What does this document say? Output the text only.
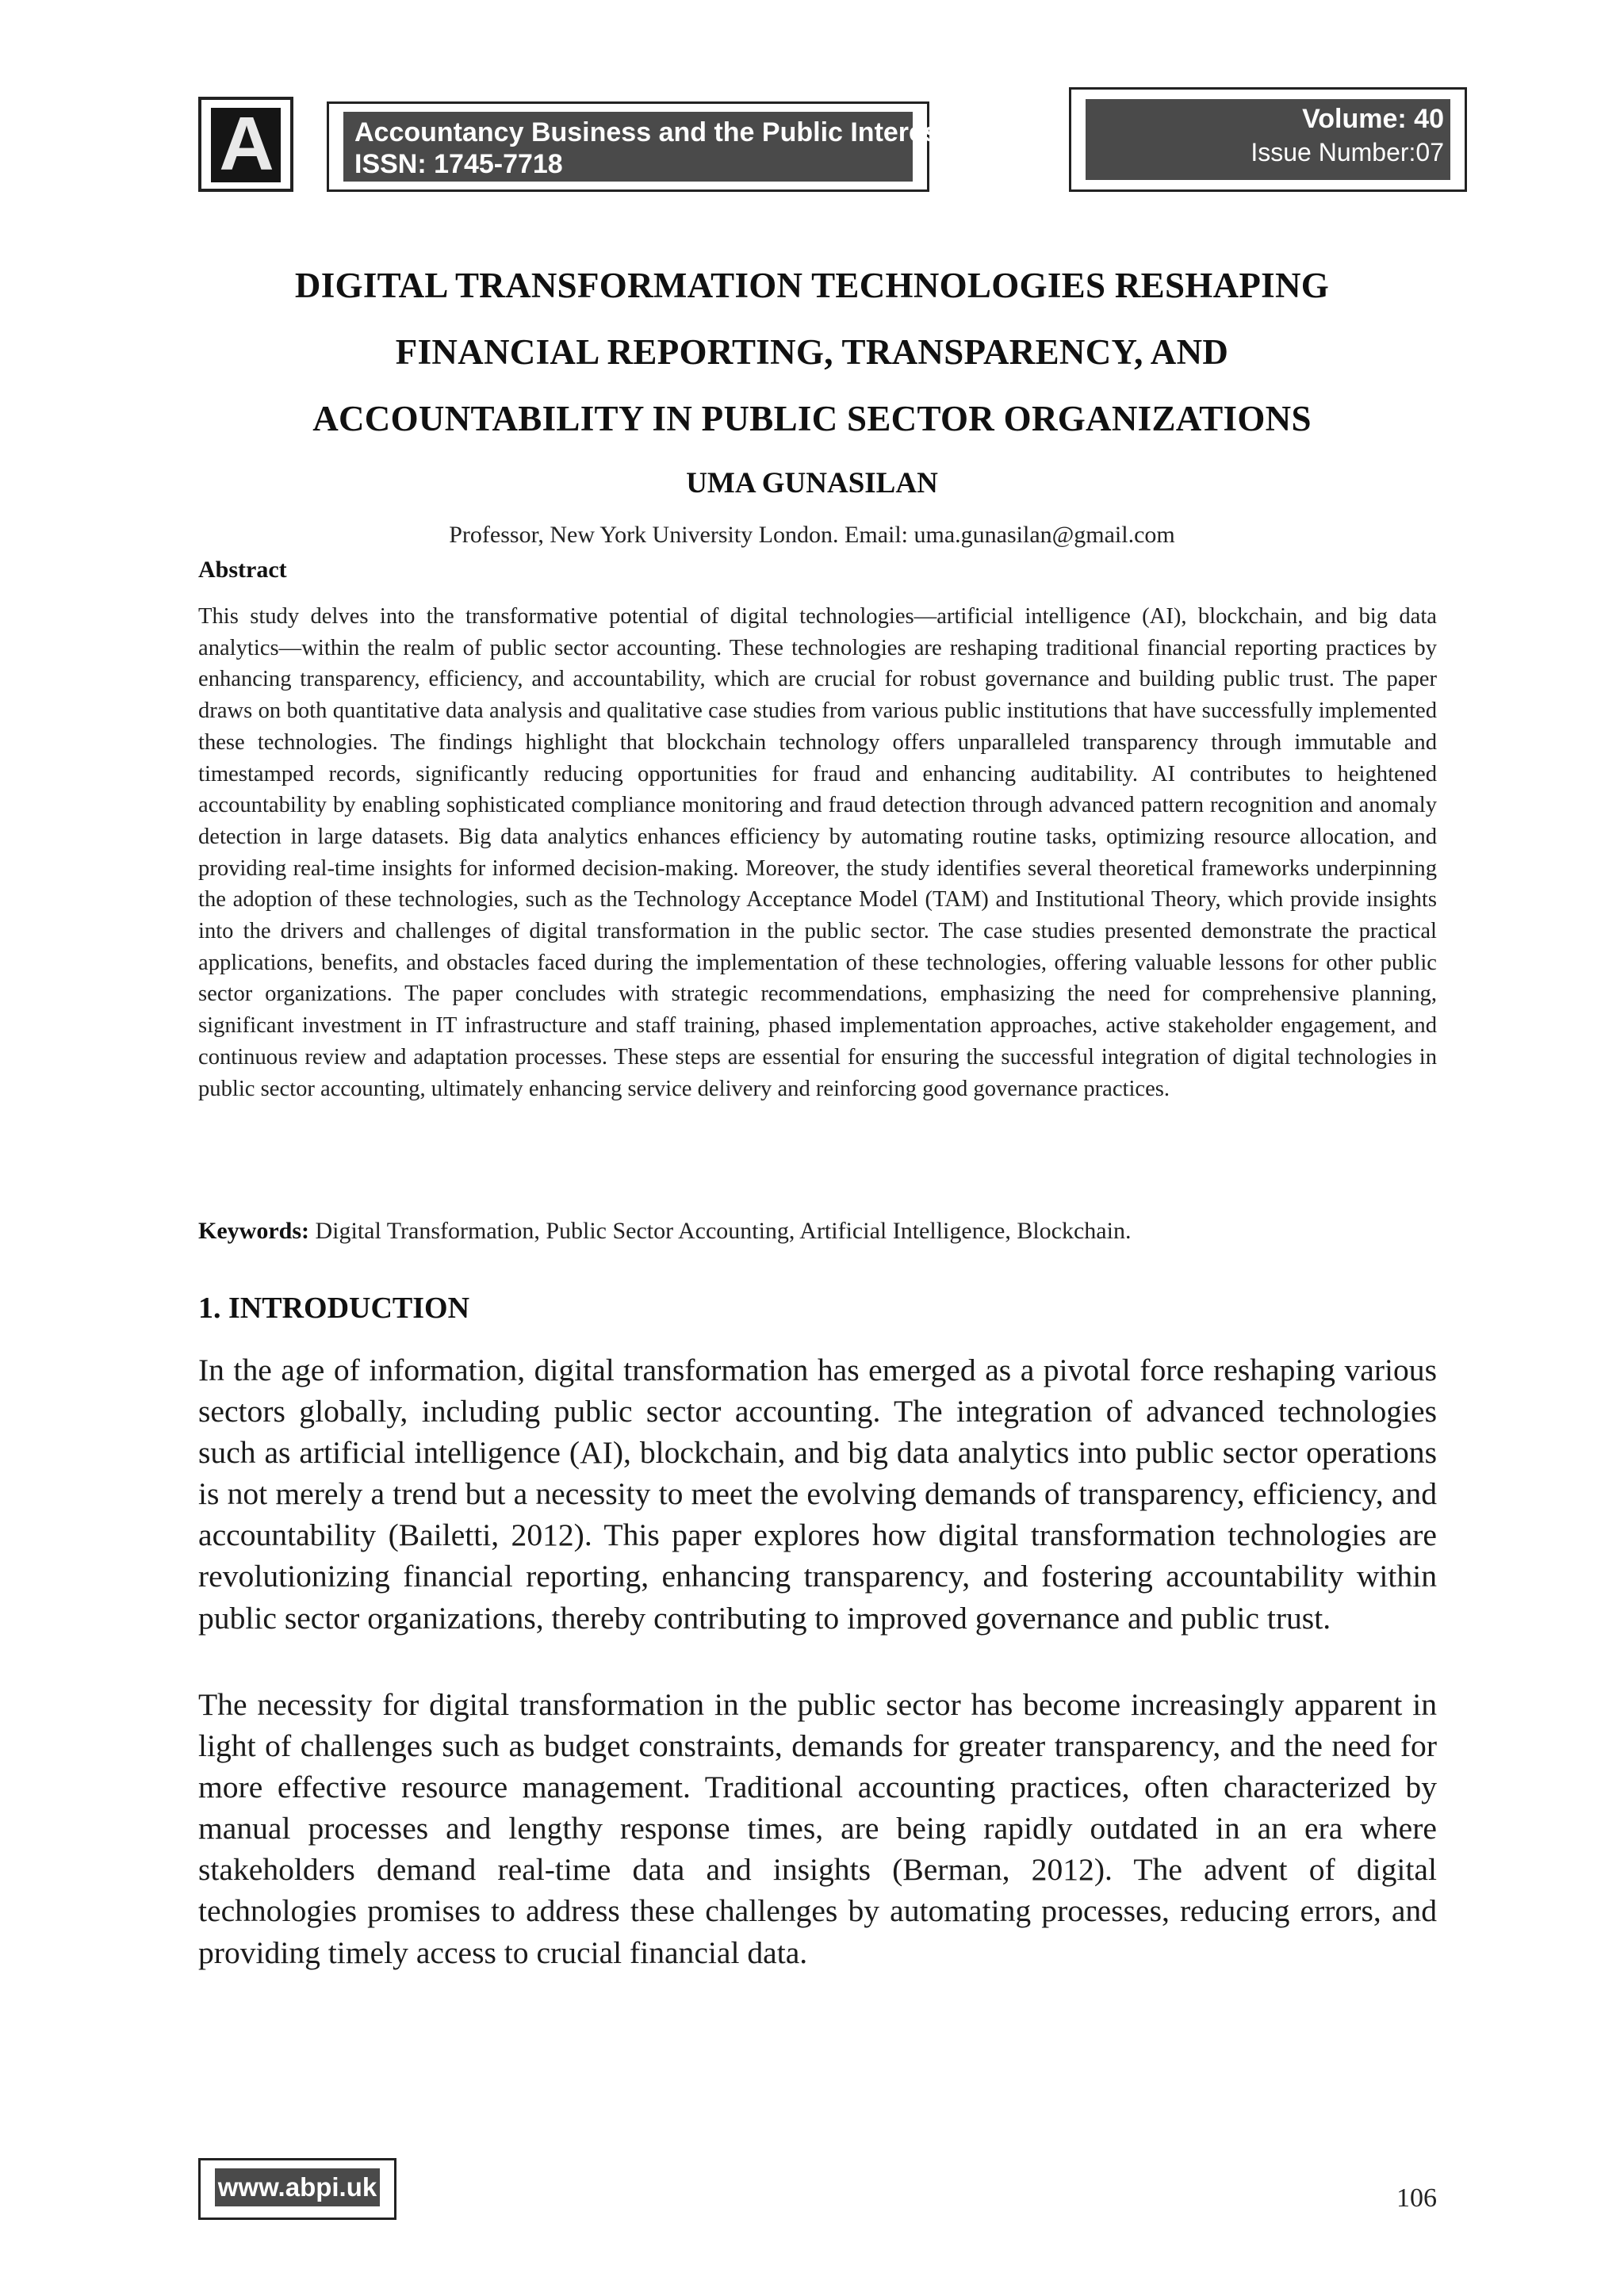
A	Accountancy Business and the Public Interest
ISSN: 1745-7718
Volume: 40
Issue Number:07
DIGITAL TRANSFORMATION TECHNOLOGIES RESHAPING
FINANCIAL REPORTING, TRANSPARENCY, AND
ACCOUNTABILITY IN PUBLIC SECTOR ORGANIZATIONS
UMA GUNASILAN
Professor, New York University London. Email: uma.gunasilan@gmail.com
Abstract

This study delves into the transformative potential of digital technologies—artificial intelligence (AI), blockchain, and big data analytics—within the realm of public sector accounting. These technologies are reshaping traditional financial reporting practices by enhancing transparency, efficiency, and accountability, which are crucial for robust governance and building public trust. The paper draws on both quantitative data analysis and qualitative case studies from various public institutions that have successfully implemented these technologies. The findings highlight that blockchain technology offers unparalleled transparency through immutable and timestamped records, significantly reducing opportunities for fraud and enhancing auditability. AI contributes to heightened accountability by enabling sophisticated compliance monitoring and fraud detection through advanced pattern recognition and anomaly detection in large datasets. Big data analytics enhances efficiency by automating routine tasks, optimizing resource allocation, and providing real-time insights for informed decision-making. Moreover, the study identifies several theoretical frameworks underpinning the adoption of these technologies, such as the Technology Acceptance Model (TAM) and Institutional Theory, which provide insights into the drivers and challenges of digital transformation in the public sector. The case studies presented demonstrate the practical applications, benefits, and obstacles faced during the implementation of these technologies, offering valuable lessons for other public sector organizations. The paper concludes with strategic recommendations, emphasizing the need for comprehensive planning, significant investment in IT infrastructure and staff training, phased implementation approaches, active stakeholder engagement, and continuous review and adaptation processes. These steps are essential for ensuring the successful integration of digital technologies in public sector accounting, ultimately enhancing service delivery and reinforcing good governance practices.

Keywords: Digital Transformation, Public Sector Accounting, Artificial Intelligence, Blockchain.

1. INTRODUCTION

In the age of information, digital transformation has emerged as a pivotal force reshaping various sectors globally, including public sector accounting. The integration of advanced technologies such as artificial intelligence (AI), blockchain, and big data analytics into public sector operations is not merely a trend but a necessity to meet the evolving demands of transparency, efficiency, and accountability (Bailetti, 2012). This paper explores how digital transformation technologies are revolutionizing financial reporting, enhancing transparency, and fostering accountability within public sector organizations, thereby contributing to improved governance and public trust.

The necessity for digital transformation in the public sector has become increasingly apparent in light of challenges such as budget constraints, demands for greater transparency, and the need for more effective resource management. Traditional accounting practices, often characterized by manual processes and lengthy response times, are being rapidly outdated in an era where stakeholders demand real-time data and insights (Berman, 2012). The advent of digital technologies promises to address these challenges by automating processes, reducing errors, and providing timely access to crucial financial data.

www.abpi.uk	106
